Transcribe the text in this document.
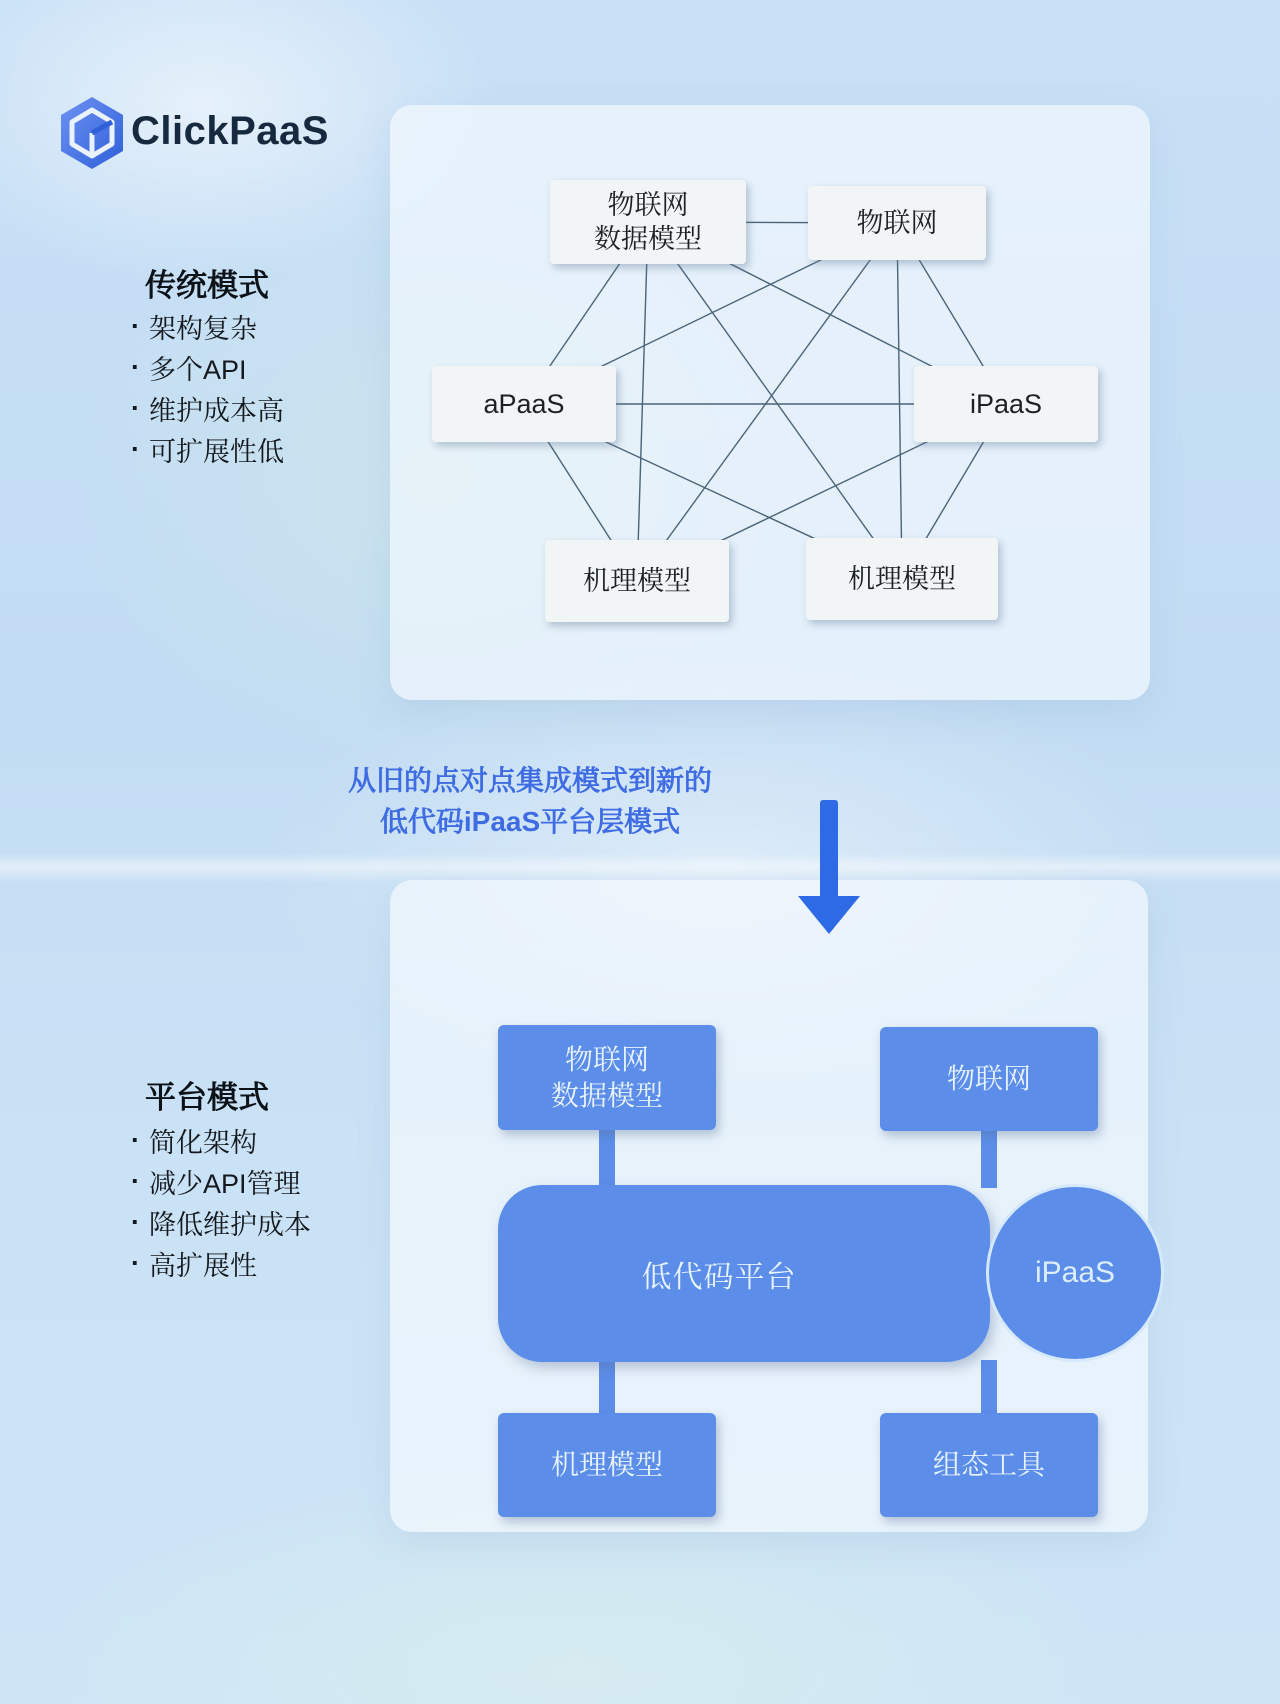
ClickPaaS
传统模式
· 架构复杂
· 多个API
· 维护成本高
· 可扩展性低
物联网
数据模型
物联网
aPaaS	iPaaS
机理模型	机理模型
从旧的点对点集成模式到新的
低代码iPaaS平台层模式
平台模式
· 简化架构
· 减少API管理
· 降低维护成本
· 高扩展性
物联网
数据模型
物联网
低代码平台	iPaaS
机理模型	组态工具
